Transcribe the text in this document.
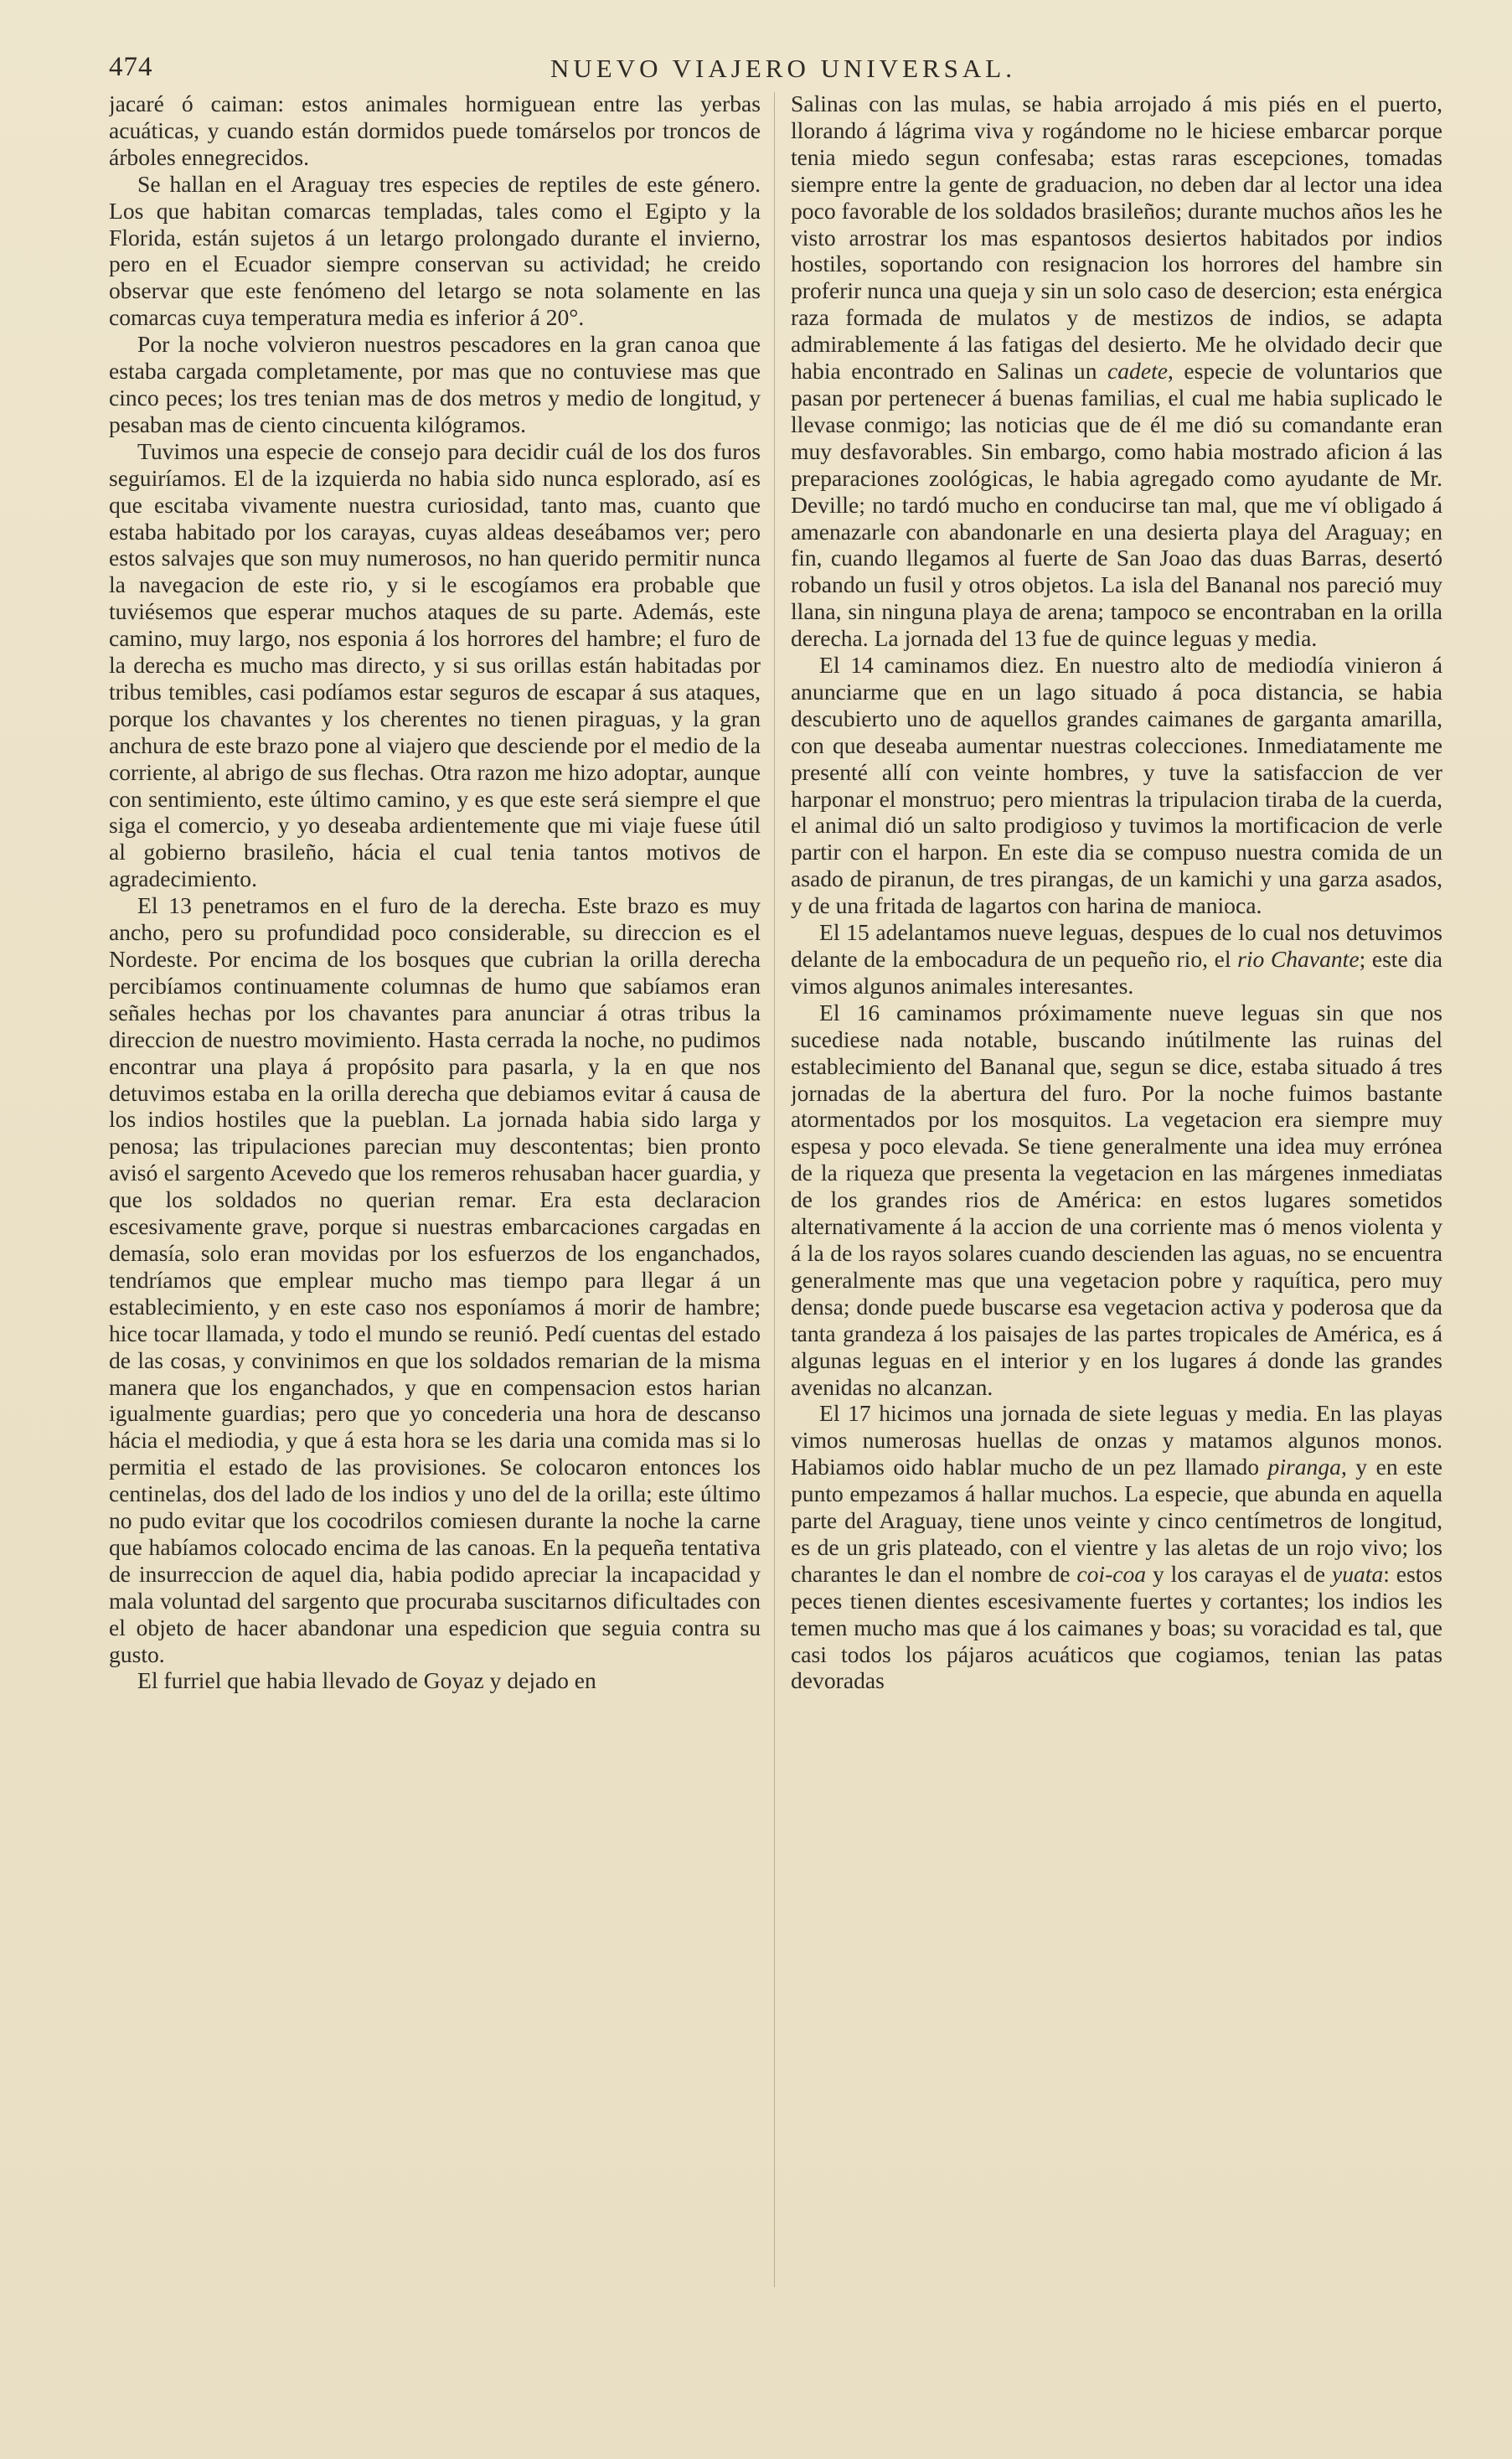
474	NUEVO VIAJERO UNIVERSAL.

jacaré ó caiman: estos animales hormiguean entre las yerbas acuáticas, y cuando están dormidos puede tomárselos por troncos de árboles ennegrecidos.

Se hallan en el Araguay tres especies de reptiles de este género. Los que habitan comarcas templadas, tales como el Egipto y la Florida, están sujetos á un letargo prolongado durante el invierno, pero en el Ecuador siempre conservan su actividad; he creido observar que este fenómeno del letargo se nota solamente en las comarcas cuya temperatura media es inferior á 20°.

Por la noche volvieron nuestros pescadores en la gran canoa que estaba cargada completamente, por mas que no contuviese mas que cinco peces; los tres tenian mas de dos metros y medio de longitud, y pesaban mas de ciento cincuenta kilógramos.

Tuvimos una especie de consejo para decidir cuál de los dos furos seguiríamos. El de la izquierda no habia sido nunca esplorado, así es que escitaba vivamente nuestra curiosidad, tanto mas, cuanto que estaba habitado por los carayas, cuyas aldeas deseábamos ver; pero estos salvajes que son muy numerosos, no han querido permitir nunca la navegacion de este rio, y si le escogíamos era probable que tuviésemos que esperar muchos ataques de su parte. Además, este camino, muy largo, nos esponia á los horrores del hambre; el furo de la derecha es mucho mas directo, y si sus orillas están habitadas por tribus temibles, casi podíamos estar seguros de escapar á sus ataques, porque los chavantes y los cherentes no tienen piraguas, y la gran anchura de este brazo pone al viajero que desciende por el medio de la corriente, al abrigo de sus flechas. Otra razon me hizo adoptar, aunque con sentimiento, este último camino, y es que este será siempre el que siga el comercio, y yo deseaba ardientemente que mi viaje fuese útil al gobierno brasileño, hácia el cual tenia tantos motivos de agradecimiento.

El 13 penetramos en el furo de la derecha. Este brazo es muy ancho, pero su profundidad poco considerable, su direccion es el Nordeste. Por encima de los bosques que cubrian la orilla derecha percibíamos continuamente columnas de humo que sabíamos eran señales hechas por los chavantes para anunciar á otras tribus la direccion de nuestro movimiento. Hasta cerrada la noche, no pudimos encontrar una playa á propósito para pasarla, y la en que nos detuvimos estaba en la orilla derecha que debiamos evitar á causa de los indios hostiles que la pueblan. La jornada habia sido larga y penosa; las tripulaciones parecian muy descontentas; bien pronto avisó el sargento Acevedo que los remeros rehusaban hacer guardia, y que los soldados no querian remar. Era esta declaracion escesivamente grave, porque si nuestras embarcaciones cargadas en demasía, solo eran movidas por los esfuerzos de los enganchados, tendríamos que emplear mucho mas tiempo para llegar á un establecimiento, y en este caso nos esponíamos á morir de hambre; hice tocar llamada, y todo el mundo se reunió. Pedí cuentas del estado de las cosas, y convinimos en que los soldados remarian de la misma manera que los enganchados, y que en compensacion estos harian igualmente guardias; pero que yo concederia una hora de descanso hácia el mediodia, y que á esta hora se les daria una comida mas si lo permitia el estado de las provisiones. Se colocaron entonces los centinelas, dos del lado de los indios y uno del de la orilla; este último no pudo evitar que los cocodrilos comiesen durante la noche la carne que habíamos colocado encima de las canoas. En la pequeña tentativa de insurreccion de aquel dia, habia podido apreciar la incapacidad y mala voluntad del sargento que procuraba suscitarnos dificultades con el objeto de hacer abandonar una espedicion que seguia contra su gusto.

El furriel que habia llevado de Goyaz y dejado en

Salinas con las mulas, se habia arrojado á mis piés en el puerto, llorando á lágrima viva y rogándome no le hiciese embarcar porque tenia miedo segun confesaba; estas raras escepciones, tomadas siempre entre la gente de graduacion, no deben dar al lector una idea poco favorable de los soldados brasileños; durante muchos años les he visto arrostrar los mas espantosos desiertos habitados por indios hostiles, soportando con resignacion los horrores del hambre sin proferir nunca una queja y sin un solo caso de desercion; esta enérgica raza formada de mulatos y de mestizos de indios, se adapta admirablemente á las fatigas del desierto. Me he olvidado decir que habia encontrado en Salinas un cadete, especie de voluntarios que pasan por pertenecer á buenas familias, el cual me habia suplicado le llevase conmigo; las noticias que de él me dió su comandante eran muy desfavorables. Sin embargo, como habia mostrado aficion á las preparaciones zoológicas, le habia agregado como ayudante de Mr. Deville; no tardó mucho en conducirse tan mal, que me ví obligado á amenazarle con abandonarle en una desierta playa del Araguay; en fin, cuando llegamos al fuerte de San Joao das duas Barras, desertó robando un fusil y otros objetos. La isla del Bananal nos pareció muy llana, sin ninguna playa de arena; tampoco se encontraban en la orilla derecha. La jornada del 13 fue de quince leguas y media.

El 14 caminamos diez. En nuestro alto de mediodía vinieron á anunciarme que en un lago situado á poca distancia, se habia descubierto uno de aquellos grandes caimanes de garganta amarilla, con que deseaba aumentar nuestras colecciones. Inmediatamente me presenté allí con veinte hombres, y tuve la satisfaccion de ver harponar el monstruo; pero mientras la tripulacion tiraba de la cuerda, el animal dió un salto prodigioso y tuvimos la mortificacion de verle partir con el harpon. En este dia se compuso nuestra comida de un asado de piranun, de tres pirangas, de un kamichi y una garza asados, y de una fritada de lagartos con harina de manioca.

El 15 adelantamos nueve leguas, despues de lo cual nos detuvimos delante de la embocadura de un pequeño rio, el rio Chavante; este dia vimos algunos animales interesantes.

El 16 caminamos próximamente nueve leguas sin que nos sucediese nada notable, buscando inútilmente las ruinas del establecimiento del Bananal que, segun se dice, estaba situado á tres jornadas de la abertura del furo. Por la noche fuimos bastante atormentados por los mosquitos. La vegetacion era siempre muy espesa y poco elevada. Se tiene generalmente una idea muy errónea de la riqueza que presenta la vegetacion en las márgenes inmediatas de los grandes rios de América: en estos lugares sometidos alternativamente á la accion de una corriente mas ó menos violenta y á la de los rayos solares cuando descienden las aguas, no se encuentra generalmente mas que una vegetacion pobre y raquítica, pero muy densa; donde puede buscarse esa vegetacion activa y poderosa que da tanta grandeza á los paisajes de las partes tropicales de América, es á algunas leguas en el interior y en los lugares á donde las grandes avenidas no alcanzan.

El 17 hicimos una jornada de siete leguas y media. En las playas vimos numerosas huellas de onzas y matamos algunos monos. Habiamos oido hablar mucho de un pez llamado piranga, y en este punto empezamos á hallar muchos. La especie, que abunda en aquella parte del Araguay, tiene unos veinte y cinco centímetros de longitud, es de un gris plateado, con el vientre y las aletas de un rojo vivo; los charantes le dan el nombre de coi-coa y los carayas el de yuata: estos peces tienen dientes escesivamente fuertes y cortantes; los indios les temen mucho mas que á los caimanes y boas; su voracidad es tal, que casi todos los pájaros acuáticos que cogiamos, tenian las patas devoradas
